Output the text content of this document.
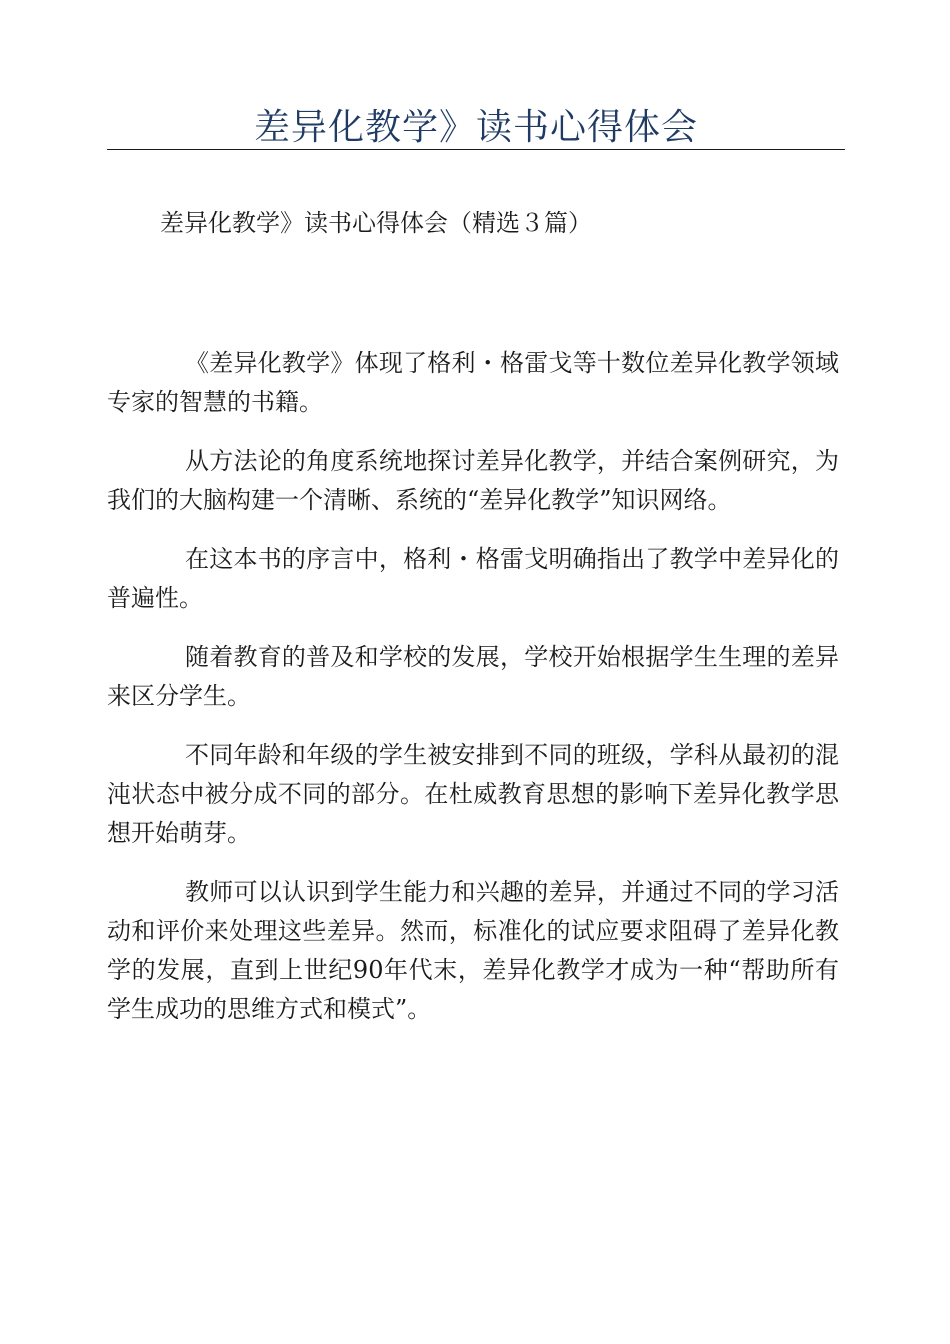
差异化教学》读书心得体会
差异化教学》读书心得体会（精选３篇）

《差异化教学》体现了格利・格雷戈等十数位差异化教学领域专家的智慧的书籍。

从方法论的角度系统地探讨差异化教学，并结合案例研究，为我们的大脑构建一个清晰、系统的“差异化教学”知识网络。

在这本书的序言中，格利・格雷戈明确指出了教学中差异化的普遍性。

随着教育的普及和学校的发展，学校开始根据学生生理的差异来区分学生。

不同年龄和年级的学生被安排到不同的班级，学科从最初的混沌状态中被分成不同的部分。在杜威教育思想的影响下差异化教学思想开始萌芽。

教师可以认识到学生能力和兴趣的差异，并通过不同的学习活动和评价来处理这些差异。然而，标准化的试应要求阻碍了差异化教学的发展，直到上世纪90年代末，差异化教学才成为一种“帮助所有学生成功的思维方式和模式”。
